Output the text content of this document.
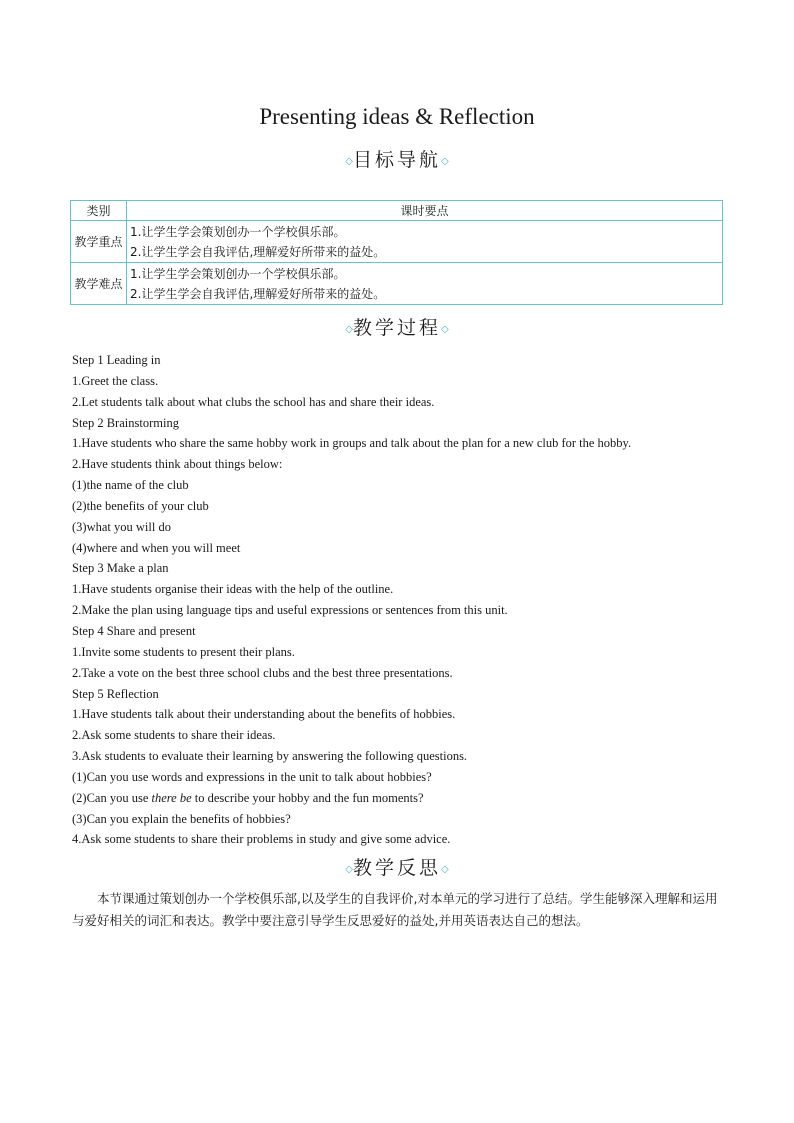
Presenting ideas & Reflection
◇目标导航◇
类别	课时要点
教学重点	1.让学生学会策划创办一个学校俱乐部。
2.让学生学会自我评估,理解爱好所带来的益处。

教学难点	1.让学生学会策划创办一个学校俱乐部。
2.让学生学会自我评估,理解爱好所带来的益处。
◇教学过程◇
Step 1 Leading in
1.Greet the class.
2.Let students talk about what clubs the school has and share their ideas.
Step 2 Brainstorming
1.Have students who share the same hobby work in groups and talk about the plan for a new club for the hobby.
2.Have students think about things below:
(1)the name of the club
(2)the benefits of your club
(3)what you will do
(4)where and when you will meet
Step 3 Make a plan
1.Have students organise their ideas with the help of the outline.
2.Make the plan using language tips and useful expressions or sentences from this unit.
Step 4 Share and present
1.Invite some students to present their plans.
2.Take a vote on the best three school clubs and the best three presentations.
Step 5 Reflection
1.Have students talk about their understanding about the benefits of hobbies.
2.Ask some students to share their ideas.
3.Ask students to evaluate their learning by answering the following questions.
(1)Can you use words and expressions in the unit to talk about hobbies?
(2)Can you use there be to describe your hobby and the fun moments?
(3)Can you explain the benefits of hobbies?
4.Ask some students to share their problems in study and give some advice.
◇教学反思◇
本节课通过策划创办一个学校俱乐部,以及学生的自我评价,对本单元的学习进行了总结。学生能够深入理解和运用与爱好相关的词汇和表达。教学中要注意引导学生反思爱好的益处,并用英语表达自己的想法。
